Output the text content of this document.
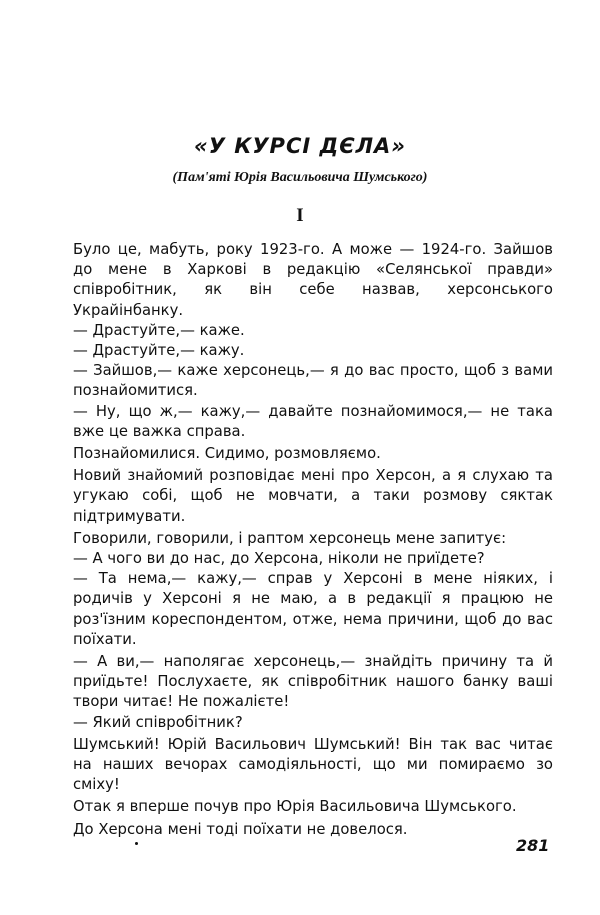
«У КУРСІ ДЄЛА»
(Пам'яті Юрія Васильовича Шумського)
I

Було це, мабуть, року 1923-го. А може — 1924-го. Зайшов до мене в Харкові в редакцію «Селянської правди» співробітник, як він себе назвав, херсонського Украйінбанку.

— Драстуйте,— каже.

— Драстуйте,— кажу.

— Зайшов,— каже херсонець,— я до вас просто, щоб з вами познайомитися.

— Ну, що ж,— кажу,— давайте познайомимося,— не така вже це важка справа.

Познайомилися. Сидимо, розмовляємо.

Новий знайомий розповідає мені про Херсон, а я слухаю та угукаю собі, щоб не мовчати, а таки розмову сяктак підтримувати.

Говорили, говорили, і раптом херсонець мене запитує:

— А чого ви до нас, до Херсона, ніколи не приїдете?

— Та нема,— кажу,— справ у Херсоні в мене ніяких, і родичів у Херсоні я не маю, а в редакції я працюю не роз'їзним кореспондентом, отже, нема причини, щоб до вас поїхати.

— А ви,— наполягає херсонець,— знайдіть причину та й приїдьте! Послухаєте, як співробітник нашого банку ваші твори читає! Не пожалієте!

— Який співробітник?

Шумський! Юрій Васильович Шумський! Він так вас читає на наших вечорах самодіяльності, що ми помираємо зо сміху!

Отак я вперше почув про Юрія Васильовича Шумського.

До Херсона мені тоді поїхати не довелося.

281
